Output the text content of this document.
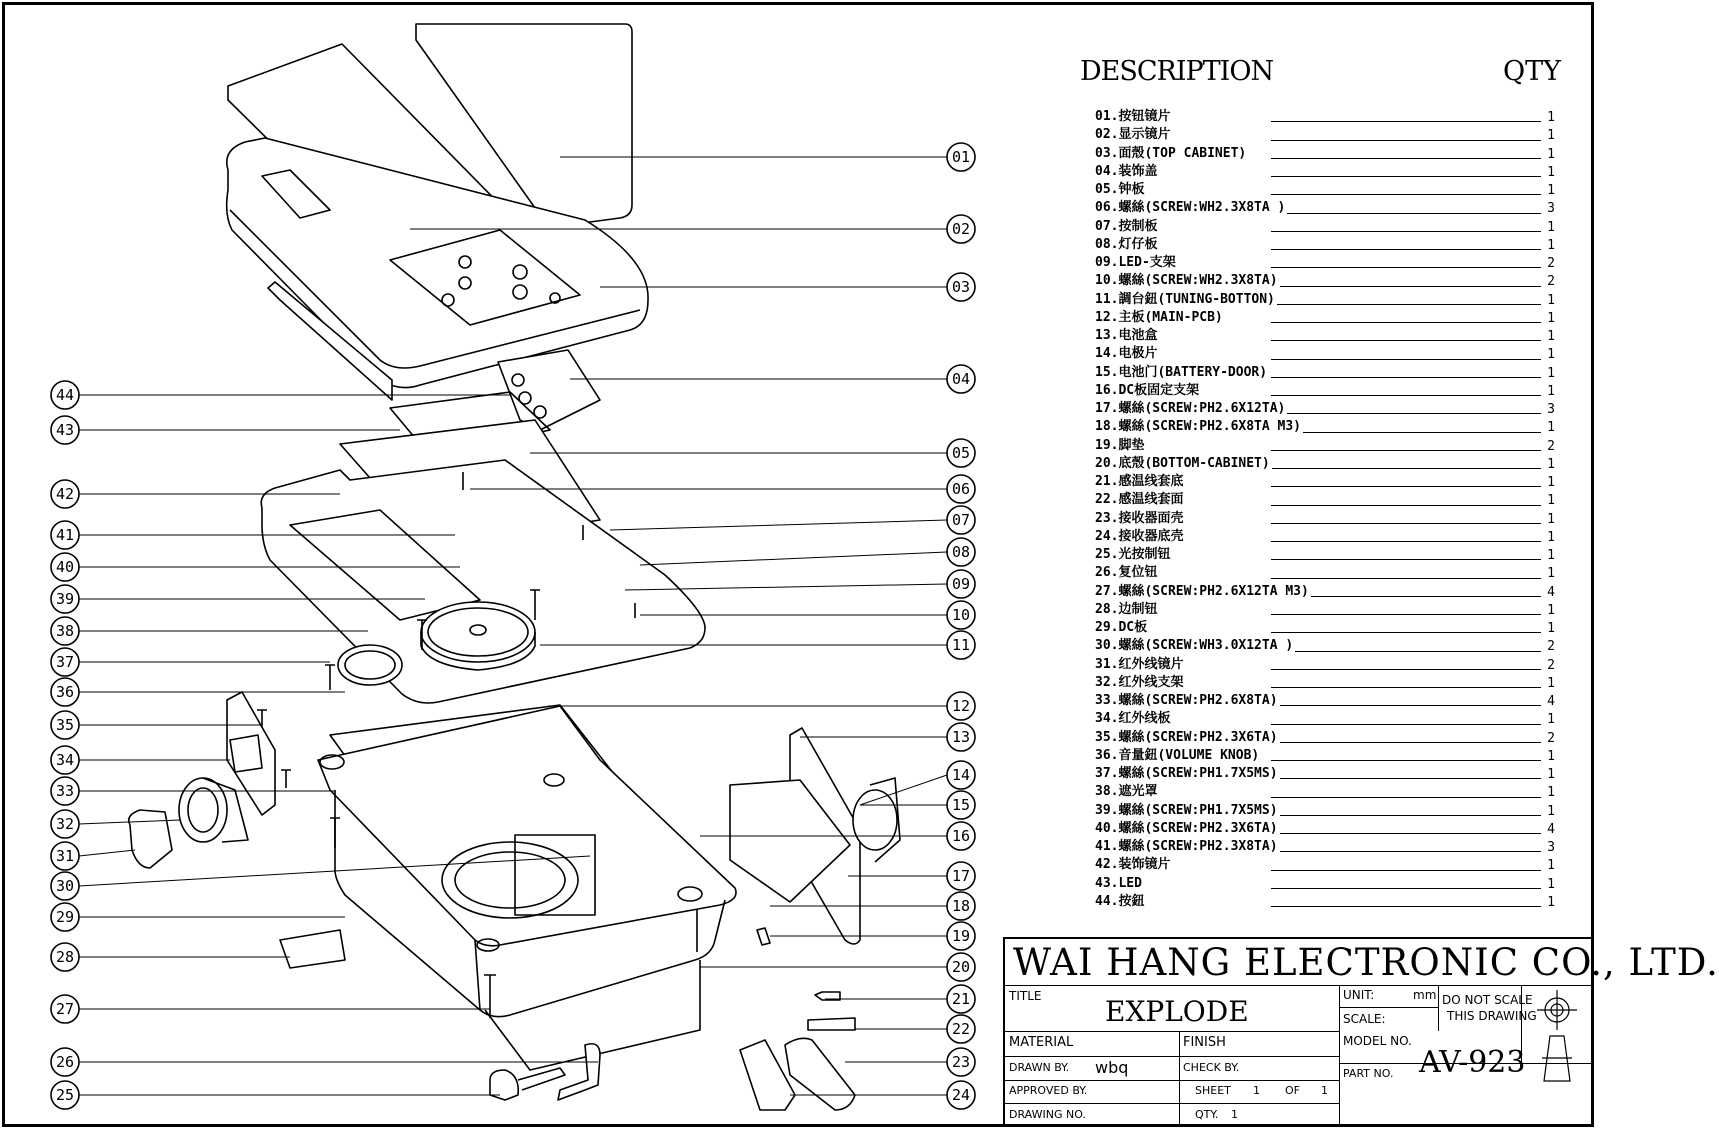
01
02
03
04
05
06
07
08
09
10
11
12
13
14
15
16
17
18
19
20
21
22
23
24
25
26
27
28
29
30
31
32
33
34
35
36
37
38
39
40
41
42
43
44
DESCRIPTION	QTY
01.按钮镜片	1
02.显示镜片	1
03.面殼(TOP CABINET)	1
04.装饰盖	1
05.钟板	1
06.螺絲(SCREW:WH2.3X8TA )	3
07.按制板	1
08.灯仔板	1
09.LED-支架	2
10.螺絲(SCREW:WH2.3X8TA)	2
11.調台鈕(TUNING-BOTTON)	1
12.主板(MAIN-PCB)	1
13.电池盒	1
14.电极片	1
15.电池门(BATTERY-DOOR)	1
16.DC板固定支架	1
17.螺絲(SCREW:PH2.6X12TA)	3
18.螺絲(SCREW:PH2.6X8TA M3)	1
19.脚垫	2
20.底殼(BOTTOM-CABINET)	1
21.感温线套底	1
22.感温线套面	1
23.接收器面壳	1
24.接收器底壳	1
25.光按制钮	1
26.复位钮	1
27.螺絲(SCREW:PH2.6X12TA M3)	4
28.边制钮	1
29.DC板	1
30.螺絲(SCREW:WH3.0X12TA )	2
31.红外线镜片	2
32.红外线支架	1
33.螺絲(SCREW:PH2.6X8TA)	4
34.红外线板	1
35.螺絲(SCREW:PH2.3X6TA)	2
36.音量鈕(VOLUME KNOB)	1
37.螺絲(SCREW:PH1.7X5MS)	1
38.遮光罩	1
39.螺絲(SCREW:PH1.7X5MS)	1
40.螺絲(SCREW:PH2.3X6TA)	4
41.螺絲(SCREW:PH2.3X8TA)	3
42.装饰镜片	1
43.LED	1
44.按鈕	1
WAI HANG ELECTRONIC CO., LTD.
TITLE EXPLODE	UNIT:	mm
SCALE:
DO NOT SCALE
THIS DRAWING
MATERIAL	FINISH	MODEL NO.
AV-923
DRAWN BY. wbq	CHECK BY.
APPROVED BY.	SHEET 1 OF 1
PART NO.
DRAWING NO.	QTY. 1
